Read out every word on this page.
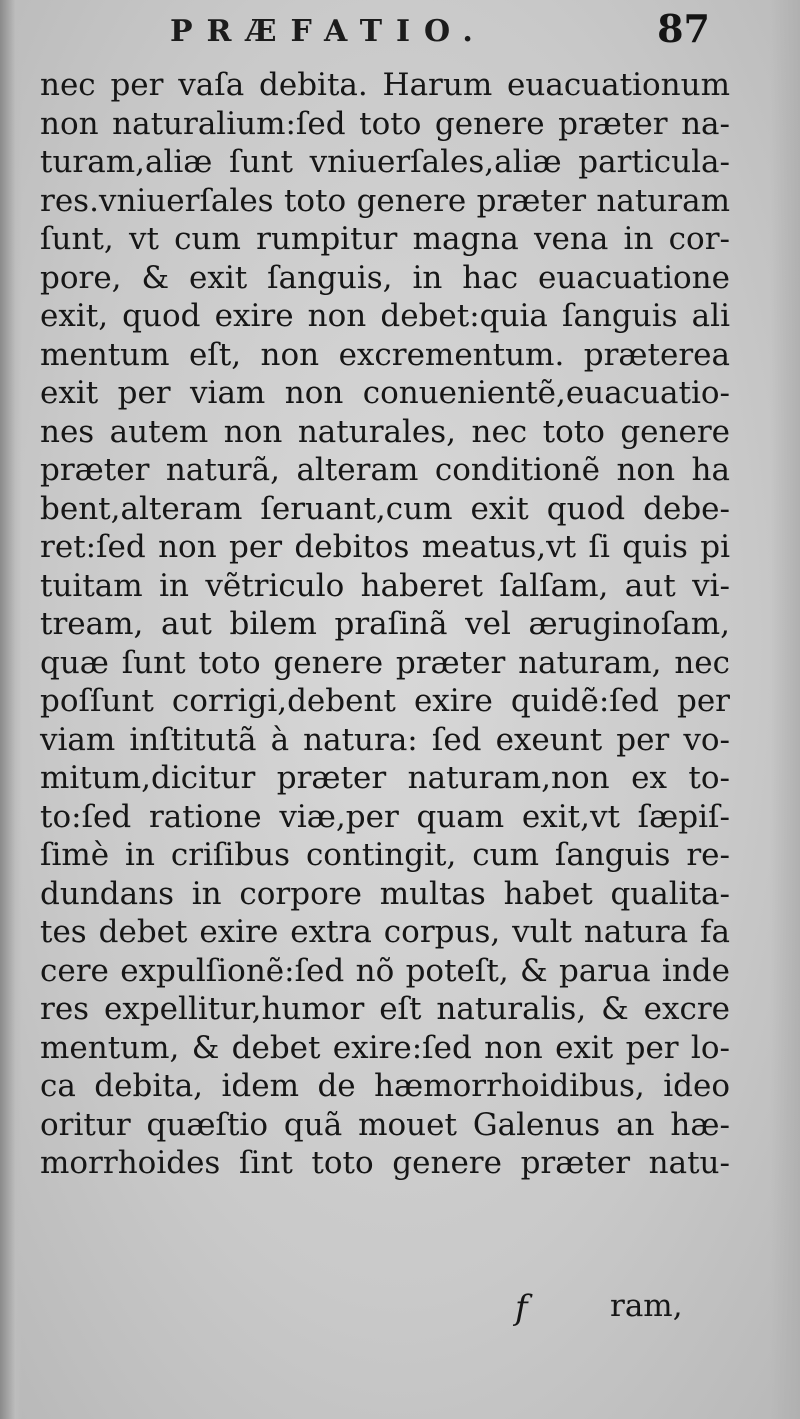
PRÆFATIO.	87
nec per vaſa debita. Harum euacuationum
non naturalium:ſed toto genere præter na-
turam,aliæ ſunt vniuerſales,aliæ particula-
res.vniuerſales toto genere præter naturam
ſunt, vt cum rumpitur magna vena in cor-
pore, & exit ſanguis, in hac euacuatione
exit, quod exire non debet:quia ſanguis ali
mentum eſt, non excrementum. præterea
exit per viam non conuenientẽ,euacuatio-
nes autem non naturales, nec toto genere
præter naturã, alteram conditionẽ non ha
bent,alteram ſeruant,cum exit quod debe-
ret:ſed non per debitos meatus,vt ſi quis pi
tuitam in vẽtriculo haberet ſalſam, aut vi-
tream, aut bilem praſinã vel æruginoſam,
quæ ſunt toto genere præter naturam, nec
poſſunt corrigi,debent exire quidẽ:ſed per
viam inſtitutã à natura: ſed exeunt per vo-
mitum,dicitur præter naturam,non ex to-
to:ſed ratione viæ,per quam exit,vt ſæpiſ-
ſimè in criſibus contingit, cum ſanguis re-
dundans in corpore multas habet qualita-
tes debet exire extra corpus, vult natura fa
cere expulſionẽ:ſed nõ poteſt, & parua inde
res expellitur,humor eſt naturalis, & excre
mentum, & debet exire:ſed non exit per lo-
ca debita, idem de hæmorrhoidibus, ideo
oritur quæſtio quã mouet Galenus an hæ-
morrhoides ſint toto genere præter natu-
f	ram,
